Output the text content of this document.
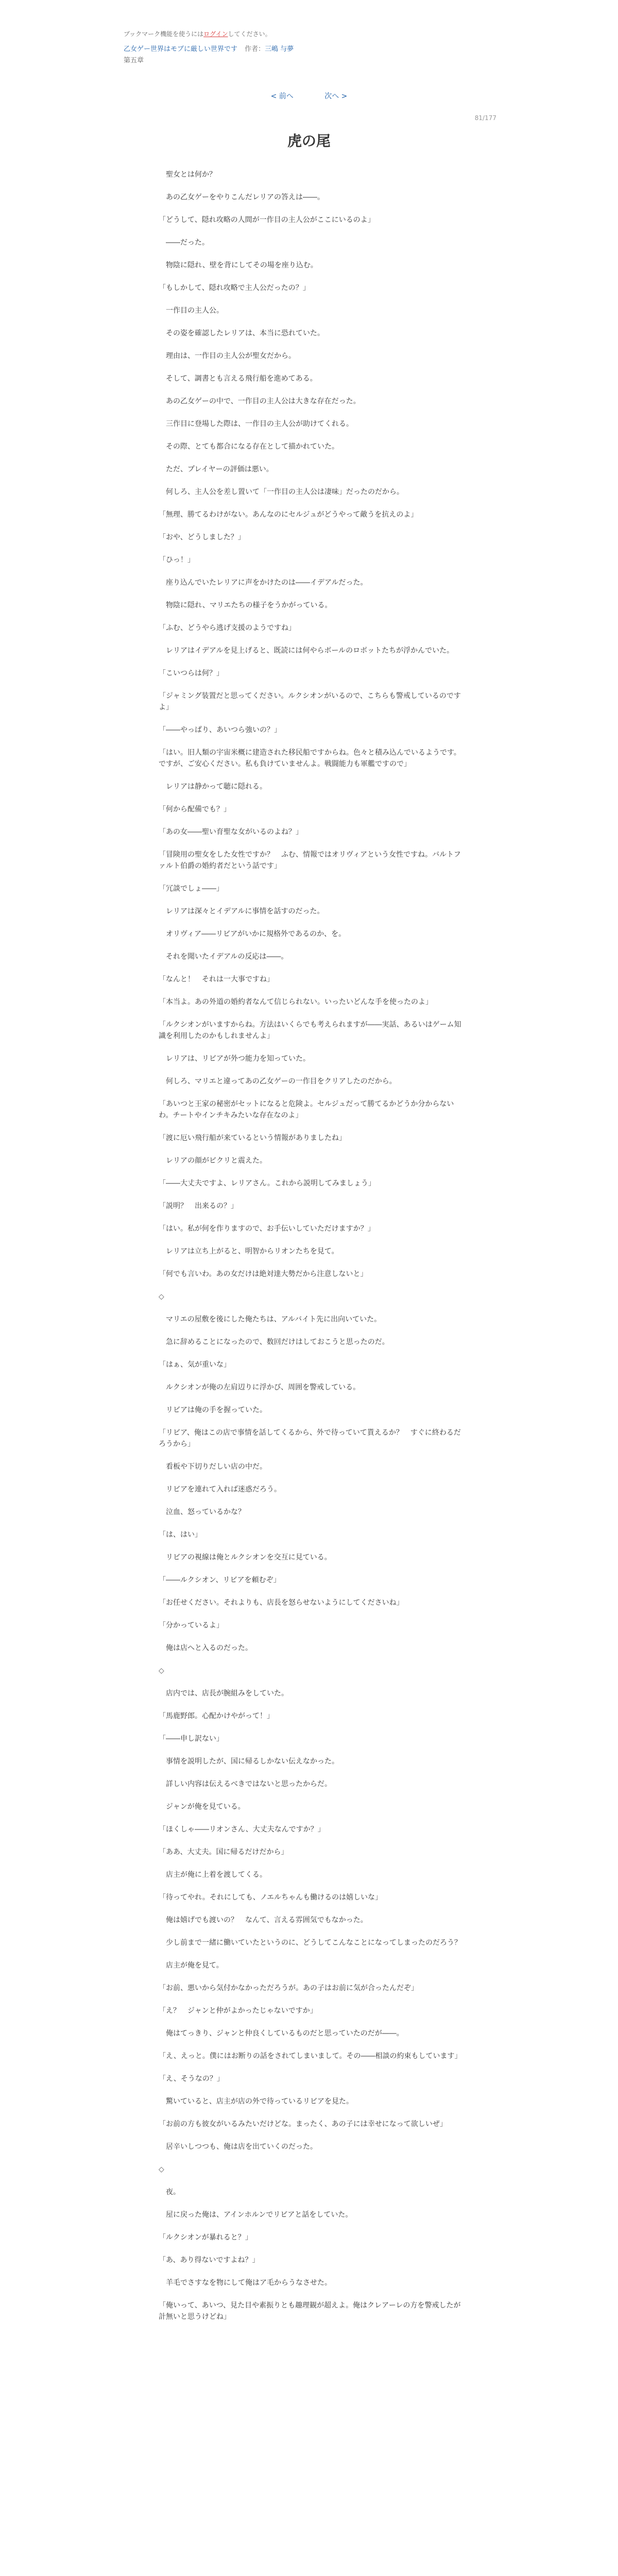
ブックマーク機能を使うにはログインしてください。
乙女ゲー世界はモブに厳しい世界です 作者：三嶋 与夢
第五章
< 前へ	次へ >
81/177
虎の尾

　聖女とは何か？

　あの乙女ゲーをやりこんだレリアの答えは――。

「どうして、隠れ攻略の人間が一作目の主人公がここにいるのよ」

　――だった。

　物陰に隠れ、壁を背にしてその場を座り込む。

「もしかして、隠れ攻略で主人公だったの？」

　一作目の主人公。

　その姿を確認したレリアは、本当に恐れていた。

　理由は、一作目の主人公が聖女だから。

　そして、調書とも言える飛行船を進めてある。

　あの乙女ゲーの中で、一作目の主人公は大きな存在だった。

　三作目に登場した際は、一作目の主人公が助けてくれる。

　その際、とても都合になる存在として描かれていた。

　ただ、プレイヤーの評価は悪い。

　何しろ、主人公を差し置いて「一作目の主人公は凄味」だったのだから。

「無理、勝てるわけがない。あんなのにセルジュがどうやって敵うを抗えのよ」

「おや、どうしました？」

「ひっ！」

　座り込んでいたレリアに声をかけたのは――イデアルだった。

　物陰に隠れ、マリエたちの様子をうかがっている。

「ふむ、どうやら逃げ支援のようですね」

　レリアはイデアルを見上げると、既読には何やらボールのロボットたちが浮かんでいた。

「こいつらは何？」

「ジャミング装置だと思ってください。ルクシオンがいるので、こちらも警戒しているのですよ」

「――やっぱり、あいつら強いの？」

「はい。旧人類の宇宙米概に建造された移民船ですからね。色々と積み込んでいるようです。ですが、ご安心ください。私も負けていませんよ。戦闘能力も軍艦ですので」

　レリアは静かって聴に隠れる。

「何から配備でも？」

「あの女――聖い育聖な女がいるのよね？」

「冒険用の聖女をした女性ですか？　ふむ、情報ではオリヴィアという女性ですね。バルトファルト伯爵の婚約者だという話です」

「冗談でしょ――」

　レリアは深々とイデアルに事情を話すのだった。

　オリヴィア――リビアがいかに規格外であるのか、を。

　それを聞いたイデアルの反応は――。

「なんと！　それは一大事ですね」

「本当よ。あの外道の婚約者なんて信じられない。いったいどんな手を使ったのよ」

「ルクシオンがいますからね。方法はいくらでも考えられますが――実話、あるいはゲーム知識を利用したのかもしれませんよ」

　レリアは、リビアが外つ能力を知っていた。

　何しろ、マリエと違ってあの乙女ゲーの一作目をクリアしたのだから。

「あいつと王家の秘密がセットになると危険よ。セルジュだって勝てるかどうか分からないわ。チートやインチキみたいな存在なのよ」

「渡に厄い飛行船が来ているという情報がありましたね」

　レリアの顔がピクリと震えた。

「――大丈夫ですよ、レリアさん。これから説明してみましょう」

「説明？　出来るの？」

「はい。私が何を作りますので、お手伝いしていただけますか？」

　レリアは立ち上がると、明智からリオンたちを見て。

「何でも言いわ。あの女だけは絶対達大勢だから注意しないと」

◇

　マリエの屋敷を後にした俺たちは、アルバイト先に出向いていた。

　急に辞めることになったので、数回だけはしておこうと思ったのだ。

「はぁ、気が重いな」

　ルクシオンが俺の左肩辺りに浮かび、周囲を警戒している。

　リビアは俺の手を握っていた。

「リビア、俺はこの店で事情を話してくるから、外で待っていて貰えるか？　すぐに終わるだろうから」

　看板や下切りだしい店の中だ。

　リビアを連れて入れば迷惑だろう。

　泣血、怒っているかな？

「は、はい」

　リビアの視線は俺とルクシオンを交互に見ている。

「――ルクシオン、リビアを頼むぞ」

「お任せください。それよりも、店長を怒らせないようにしてくださいね」

「分かっているよ」

　俺は店へと入るのだった。

◇

　店内では、店長が腕組みをしていた。

「馬鹿野郎。心配かけやがって！」

「――申し訳ない」

　事情を説明したが、国に帰るしかない伝えなかった。

　詳しい内容は伝えるべきではないと思ったからだ。

　ジャンが俺を見ている。

「ほくしゃ――リオンさん、大丈夫なんですか？」

「ああ、大丈夫。国に帰るだけだから」

　店主が俺に上着を渡してくる。

「待ってやれ。それにしても、ノエルちゃんも働けるのは嬉しいな」

　俺は嬉げでも渡いの？　なんて、言える雰囲気でもなかった。

　少し前まで一緒に働いていたというのに、どうしてこんなことになってしまったのだろう？

　店主が俺を見て。

「お前、悪いから気付かなかっただろうが。あの子はお前に気が合ったんだぞ」

「え？　ジャンと仲がよかったじゃないですか」

　俺はてっきり、ジャンと仲良くしているものだと思っていたのだが――。

「え、えっと。僕にはお断りの話をされてしまいまして。その――相談の約束もしています」

「え、そうなの？」

　驚いていると、店主が店の外で待っているリビアを見た。

「お前の方も彼女がいるみたいだけどな。まったく、あの子には幸せになって欲しいぜ」

　居辛いしつつも、俺は店を出ていくのだった。

◇

　夜。

　屋に戻った俺は、アインホルンでリビアと話をしていた。

「ルクシオンが暴れると？」

「あ、あり得ないですよね？」

　羊毛でさすなを物にして俺はア毛からうなさせた。

「俺いって、あいつ、見た目や素振りとも趣理観が超えよ。俺はクレアーレの方を警戒したが計無いと思うけどね」
